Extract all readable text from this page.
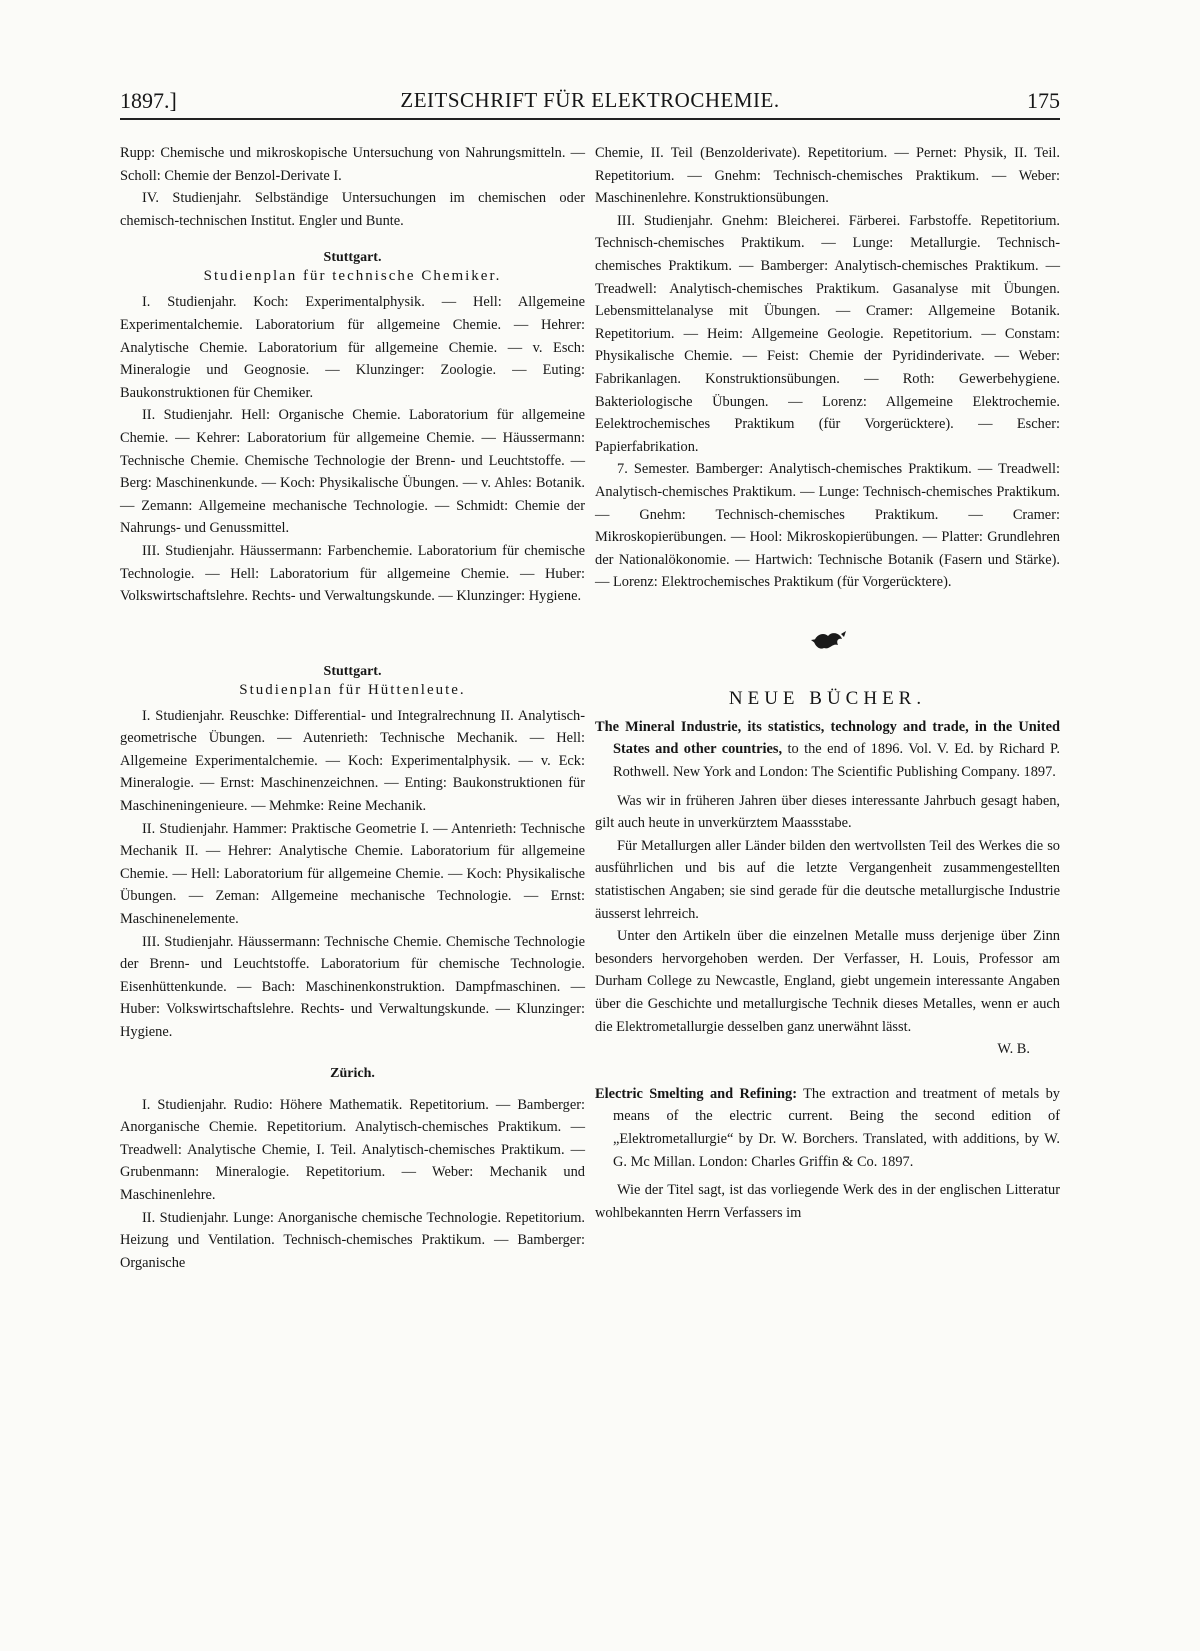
1897.]	ZEITSCHRIFT FÜR ELEKTROCHEMIE.	175

Rupp: Chemische und mikroskopische Untersuchung von Nahrungsmitteln. — Scholl: Chemie der Benzol-Derivate I.

IV. Studienjahr. Selbständige Untersuchungen im chemischen oder chemisch-technischen Institut. Engler und Bunte.

Stuttgart.
Studienplan für technische Chemiker.

I. Studienjahr. Koch: Experimentalphysik. — Hell: Allgemeine Experimentalchemie. Laboratorium für allgemeine Chemie. — Hehrer: Analytische Chemie. Laboratorium für allgemeine Chemie. — v. Esch: Mineralogie und Geognosie. — Klunzinger: Zoologie. — Euting: Baukonstruktionen für Chemiker.

II. Studienjahr. Hell: Organische Chemie. Laboratorium für allgemeine Chemie. — Kehrer: Laboratorium für allgemeine Chemie. — Häussermann: Technische Chemie. Chemische Technologie der Brenn- und Leuchtstoffe. — Berg: Maschinenkunde. — Koch: Physikalische Übungen. — v. Ahles: Botanik. — Zemann: Allgemeine mechanische Technologie. — Schmidt: Chemie der Nahrungs- und Genussmittel.

III. Studienjahr. Häussermann: Farbenchemie. Laboratorium für chemische Technologie. — Hell: Laboratorium für allgemeine Chemie. — Huber: Volkswirtschaftslehre. Rechts- und Verwaltungskunde. — Klunzinger: Hygiene.

Stuttgart.
Studienplan für Hüttenleute.

I. Studienjahr. Reuschke: Differential- und Integralrechnung II. Analytisch-geometrische Übungen. — Autenrieth: Technische Mechanik. — Hell: Allgemeine Experimentalchemie. — Koch: Experimentalphysik. — v. Eck: Mineralogie. — Ernst: Maschinenzeichnen. — Enting: Baukonstruktionen für Maschineningenieure. — Mehmke: Reine Mechanik.

II. Studienjahr. Hammer: Praktische Geometrie I. — Antenrieth: Technische Mechanik II. — Hehrer: Analytische Chemie. Laboratorium für allgemeine Chemie. — Hell: Laboratorium für allgemeine Chemie. — Koch: Physikalische Übungen. — Zeman: Allgemeine mechanische Technologie. — Ernst: Maschinenelemente.

III. Studienjahr. Häussermann: Technische Chemie. Chemische Technologie der Brenn- und Leuchtstoffe. Laboratorium für chemische Technologie. Eisenhüttenkunde. — Bach: Maschinenkonstruktion. Dampfmaschinen. — Huber: Volkswirtschaftslehre. Rechts- und Verwaltungskunde. — Klunzinger: Hygiene.

Zürich.

I. Studienjahr. Rudio: Höhere Mathematik. Repetitorium. — Bamberger: Anorganische Chemie. Repetitorium. Analytisch-chemisches Praktikum. — Treadwell: Analytische Chemie, I. Teil. Analytisch-chemisches Praktikum. — Grubenmann: Mineralogie. Repetitorium. — Weber: Mechanik und Maschinenlehre.

II. Studienjahr. Lunge: Anorganische chemische Technologie. Repetitorium. Heizung und Ventilation. Technisch-chemisches Praktikum. — Bamberger: Organische

Chemie, II. Teil (Benzolderivate). Repetitorium. — Pernet: Physik, II. Teil. Repetitorium. — Gnehm: Technisch-chemisches Praktikum. — Weber: Maschinenlehre. Konstruktionsübungen.

III. Studienjahr. Gnehm: Bleicherei. Färberei. Farbstoffe. Repetitorium. Technisch-chemisches Praktikum. — Lunge: Metallurgie. Technisch-chemisches Praktikum. — Bamberger: Analytisch-chemisches Praktikum. — Treadwell: Analytisch-chemisches Praktikum. Gasanalyse mit Übungen. Lebensmittelanalyse mit Übungen. — Cramer: Allgemeine Botanik. Repetitorium. — Heim: Allgemeine Geologie. Repetitorium. — Constam: Physikalische Chemie. — Feist: Chemie der Pyridinderivate. — Weber: Fabrikanlagen. Konstruktionsübungen. — Roth: Gewerbehygiene. Bakteriologische Übungen. — Lorenz: Allgemeine Elektrochemie. Eelektrochemisches Praktikum (für Vorgerücktere). — Escher: Papierfabrikation.

7. Semester. Bamberger: Analytisch-chemisches Praktikum. — Treadwell: Analytisch-chemisches Praktikum. — Lunge: Technisch-chemisches Praktikum. — Gnehm: Technisch-chemisches Praktikum. — Cramer: Mikroskopierübungen. — Hool: Mikroskopierübungen. — Platter: Grundlehren der Nationalökonomie. — Hartwich: Technische Botanik (Fasern und Stärke). — Lorenz: Elektrochemisches Praktikum (für Vorgerücktere).

NEUE BÜCHER.

The Mineral Industrie, its statistics, technology and trade, in the United States and other countries, to the end of 1896. Vol. V. Ed. by Richard P. Rothwell. New York and London: The Scientific Publishing Company. 1897.

Was wir in früheren Jahren über dieses interessante Jahrbuch gesagt haben, gilt auch heute in unverkürztem Maassstabe.

Für Metallurgen aller Länder bilden den wertvollsten Teil des Werkes die so ausführlichen und bis auf die letzte Vergangenheit zusammengestellten statistischen Angaben; sie sind gerade für die deutsche metallurgische Industrie äusserst lehrreich.

Unter den Artikeln über die einzelnen Metalle muss derjenige über Zinn besonders hervorgehoben werden. Der Verfasser, H. Louis, Professor am Durham College zu Newcastle, England, giebt ungemein interessante Angaben über die Geschichte und metallurgische Technik dieses Metalles, wenn er auch die Elektrometallurgie desselben ganz unerwähnt lässt.

W. B.

Electric Smelting and Refining: The extraction and treatment of metals by means of the electric current. Being the second edition of „Elektrometallurgie“ by Dr. W. Borchers. Translated, with additions, by W. G. Mc Millan. London: Charles Griffin & Co. 1897.

Wie der Titel sagt, ist das vorliegende Werk des in der englischen Litteratur wohlbekannten Herrn Verfassers im
